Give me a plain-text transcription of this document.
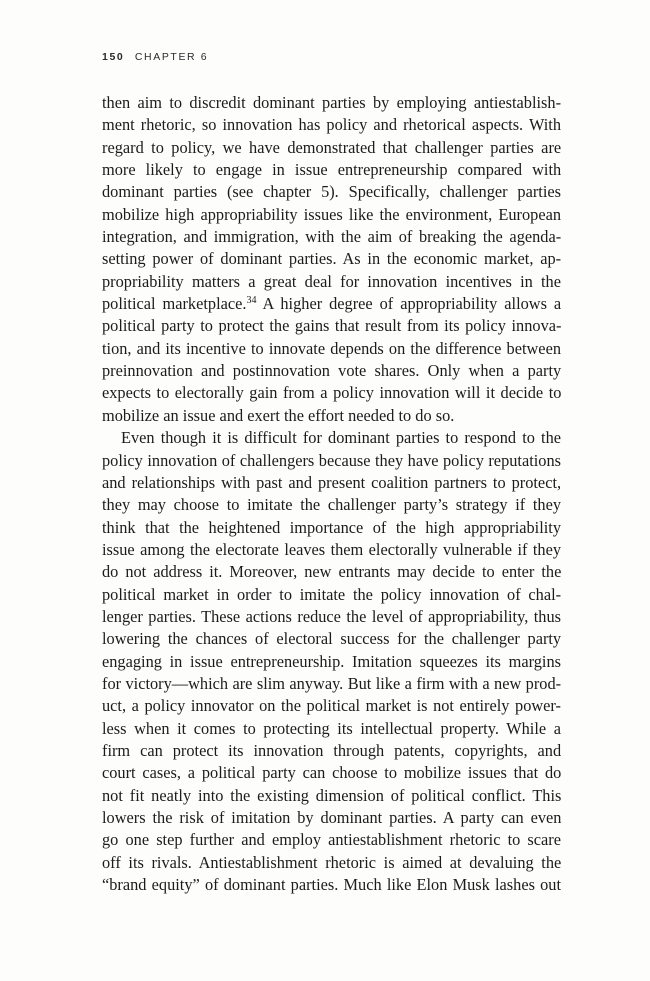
150 CHAPTER 6
then aim to discredit dominant parties by employing antiestablish-
ment rhetoric, so innovation has policy and rhetorical aspects. With
regard to policy, we have demonstrated that challenger parties are
more likely to engage in issue entrepreneurship compared with
dominant parties (see chapter 5). Specifically, challenger parties
mobilize high appropriability issues like the environment, European
integration, and immigration, with the aim of breaking the agenda-
setting power of dominant parties. As in the economic market, ap-
propriability matters a great deal for innovation incentives in the
political marketplace.$^{34}$ A higher degree of appropriability allows a
political party to protect the gains that result from its policy innova-
tion, and its incentive to innovate depends on the difference between
preinnovation and postinnovation vote shares. Only when a party
expects to electorally gain from a policy innovation will it decide to
mobilize an issue and exert the effort needed to do so.
Even though it is difficult for dominant parties to respond to the
policy innovation of challengers because they have policy reputations
and relationships with past and present coalition partners to protect,
they may choose to imitate the challenger party’s strategy if they
think that the heightened importance of the high appropriability
issue among the electorate leaves them electorally vulnerable if they
do not address it. Moreover, new entrants may decide to enter the
political market in order to imitate the policy innovation of chal-
lenger parties. These actions reduce the level of appropriability, thus
lowering the chances of electoral success for the challenger party
engaging in issue entrepreneurship. Imitation squeezes its margins
for victory—which are slim anyway. But like a firm with a new prod-
uct, a policy innovator on the political market is not entirely power-
less when it comes to protecting its intellectual property. While a
firm can protect its innovation through patents, copyrights, and
court cases, a political party can choose to mobilize issues that do
not fit neatly into the existing dimension of political conflict. This
lowers the risk of imitation by dominant parties. A party can even
go one step further and employ antiestablishment rhetoric to scare
off its rivals. Antiestablishment rhetoric is aimed at devaluing the
“brand equity” of dominant parties. Much like Elon Musk lashes out
